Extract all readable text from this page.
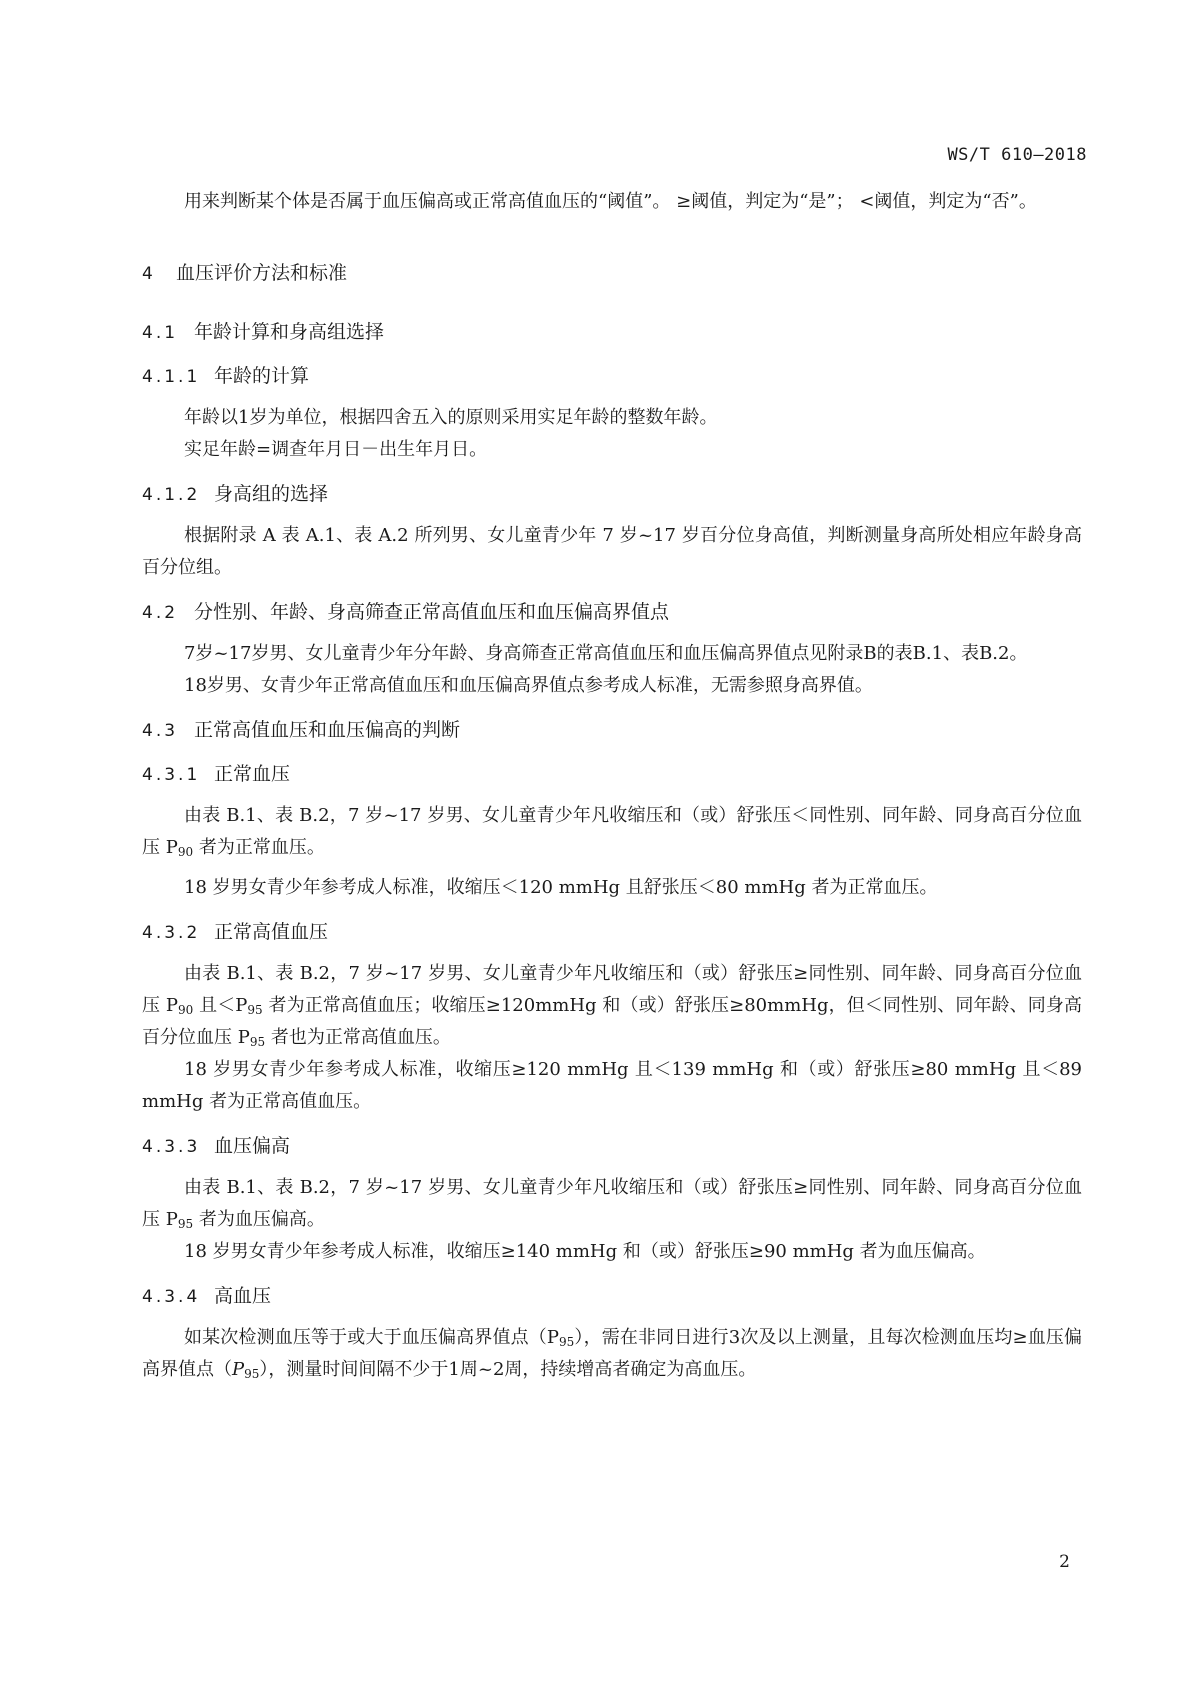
WS/T 610—2018

用来判断某个体是否属于血压偏高或正常高值血压的“阈值”。 ≥阈值，判定为“是”； <阈值，判定为“否”。

4 血压评价方法和标准
4.1 年龄计算和身高组选择
4.1.1 年龄的计算

年龄以1岁为单位，根据四舍五入的原则采用实足年龄的整数年龄。

实足年龄=调查年月日－出生年月日。

4.1.2 身高组的选择

根据附录 A 表 A.1、表 A.2 所列男、女儿童青少年 7 岁~17 岁百分位身高值，判断测量身高所处相应年龄身高百分位组。

4.2 分性别、年龄、身高筛查正常高值血压和血压偏高界值点

7岁~17岁男、女儿童青少年分年龄、身高筛查正常高值血压和血压偏高界值点见附录B的表B.1、表B.2。

18岁男、女青少年正常高值血压和血压偏高界值点参考成人标准，无需参照身高界值。

4.3 正常高值血压和血压偏高的判断
4.3.1 正常血压

由表 B.1、表 B.2，7 岁~17 岁男、女儿童青少年凡收缩压和（或）舒张压＜同性别、同年龄、同身高百分位血压 $P_{90}$ 者为正常血压。

18 岁男女青少年参考成人标准，收缩压＜120 mmHg 且舒张压＜80 mmHg 者为正常血压。

4.3.2 正常高值血压

由表 B.1、表 B.2，7 岁~17 岁男、女儿童青少年凡收缩压和（或）舒张压≥同性别、同年龄、同身高百分位血压 $P_{90}$ 且$<P_{95}$ 者为正常高值血压；收缩压≥120mmHg 和（或）舒张压≥80mmHg，但＜同性别、同年龄、同身高百分位血压 $P_{95}$ 者也为正常高值血压。

18 岁男女青少年参考成人标准，收缩压≥120 mmHg 且＜139 mmHg 和（或）舒张压≥80 mmHg 且＜89 mmHg 者为正常高值血压。

4.3.3 血压偏高

由表 B.1、表 B.2，7 岁~17 岁男、女儿童青少年凡收缩压和（或）舒张压≥同性别、同年龄、同身高百分位血压 $P_{95}$ 者为血压偏高。

18 岁男女青少年参考成人标准，收缩压≥140 mmHg 和（或）舒张压≥90 mmHg 者为血压偏高。

4.3.4 高血压

如某次检测血压等于或大于血压偏高界值点$(P_{95})$，需在非同日进行3次及以上测量，且每次检测血压均≥血压偏高界值点$(P_{95})$，测量时间间隔不少于1周~2周，持续增高者确定为高血压。

2
